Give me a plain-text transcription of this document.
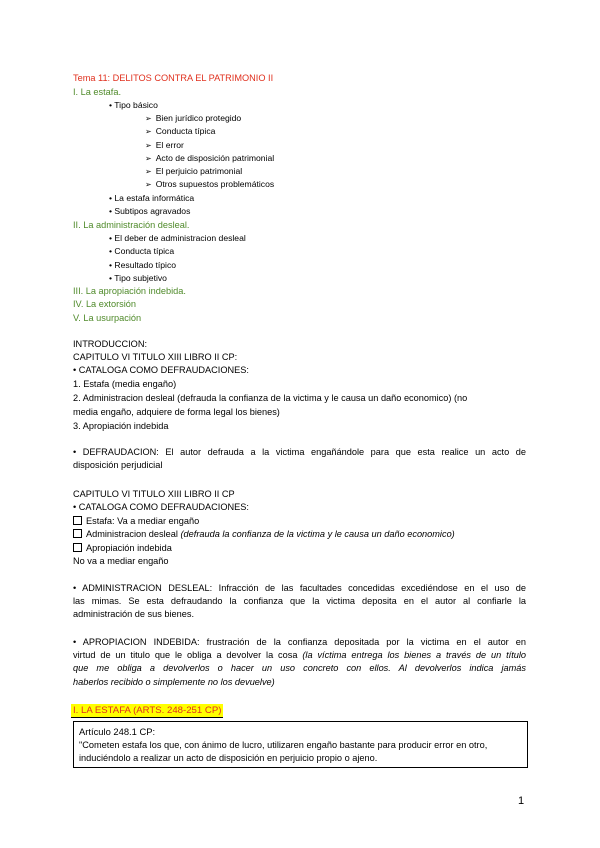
Tema 11: DELITOS CONTRA EL PATRIMONIO II
I. La estafa.
• Tipo básico
➢ Bien jurídico protegido
➢ Conducta típica
➢ El error
➢ Acto de disposición patrimonial
➢ El perjuicio patrimonial
➢ Otros supuestos problemáticos
• La estafa informática
• Subtipos agravados
II. La administración desleal.
• El deber de administracion desleal
• Conducta típica
• Resultado típico
• Tipo subjetivo
III. La apropiación indebida.
IV. La extorsión
V. La usurpación
INTRODUCCION:
CAPITULO VI TITULO XIII LIBRO II CP:
• CATALOGA COMO DEFRAUDACIONES:
1. Estafa (media engaño)
2. Administracion desleal (defrauda la confianza de la victima y le causa un daño economico) (no
media engaño, adquiere de forma legal los bienes)
3. Apropiación indebida
• DEFRAUDACION: El autor defrauda a la victima engañándole para que esta realice un acto de
disposición perjudicial
CAPITULO VI TITULO XIII LIBRO II CP
• CATALOGA COMO DEFRAUDACIONES:
Estafa: Va a mediar engaño
Administracion desleal (defrauda la confianza de la victima y le causa un daño economico)
Apropiación indebida
No va a mediar engaño
• ADMINISTRACION DESLEAL: Infracción de las facultades concedidas excediéndose en el uso de
las mimas. Se esta defraudando la confianza que la victima deposita en el autor al confiarle la
administración de sus bienes.
• APROPIACION INDEBIDA: frustración de la confianza depositada por la victima en el autor en
virtud de un titulo que le obliga a devolver la cosa (la víctima entrega los bienes a través de un título
que me obliga a devolverlos o hacer un uso concreto con ellos. Al devolverlos indica jamás
haberlos recibido o simplemente no los devuelve)
I. LA ESTAFA (ARTS. 248-251 CP)
Artículo 248.1 CP:
"Cometen estafa los que, con ánimo de lucro, utilizaren engaño bastante para producir error en otro,
induciéndolo a realizar un acto de disposición en perjuicio propio o ajeno.
1
